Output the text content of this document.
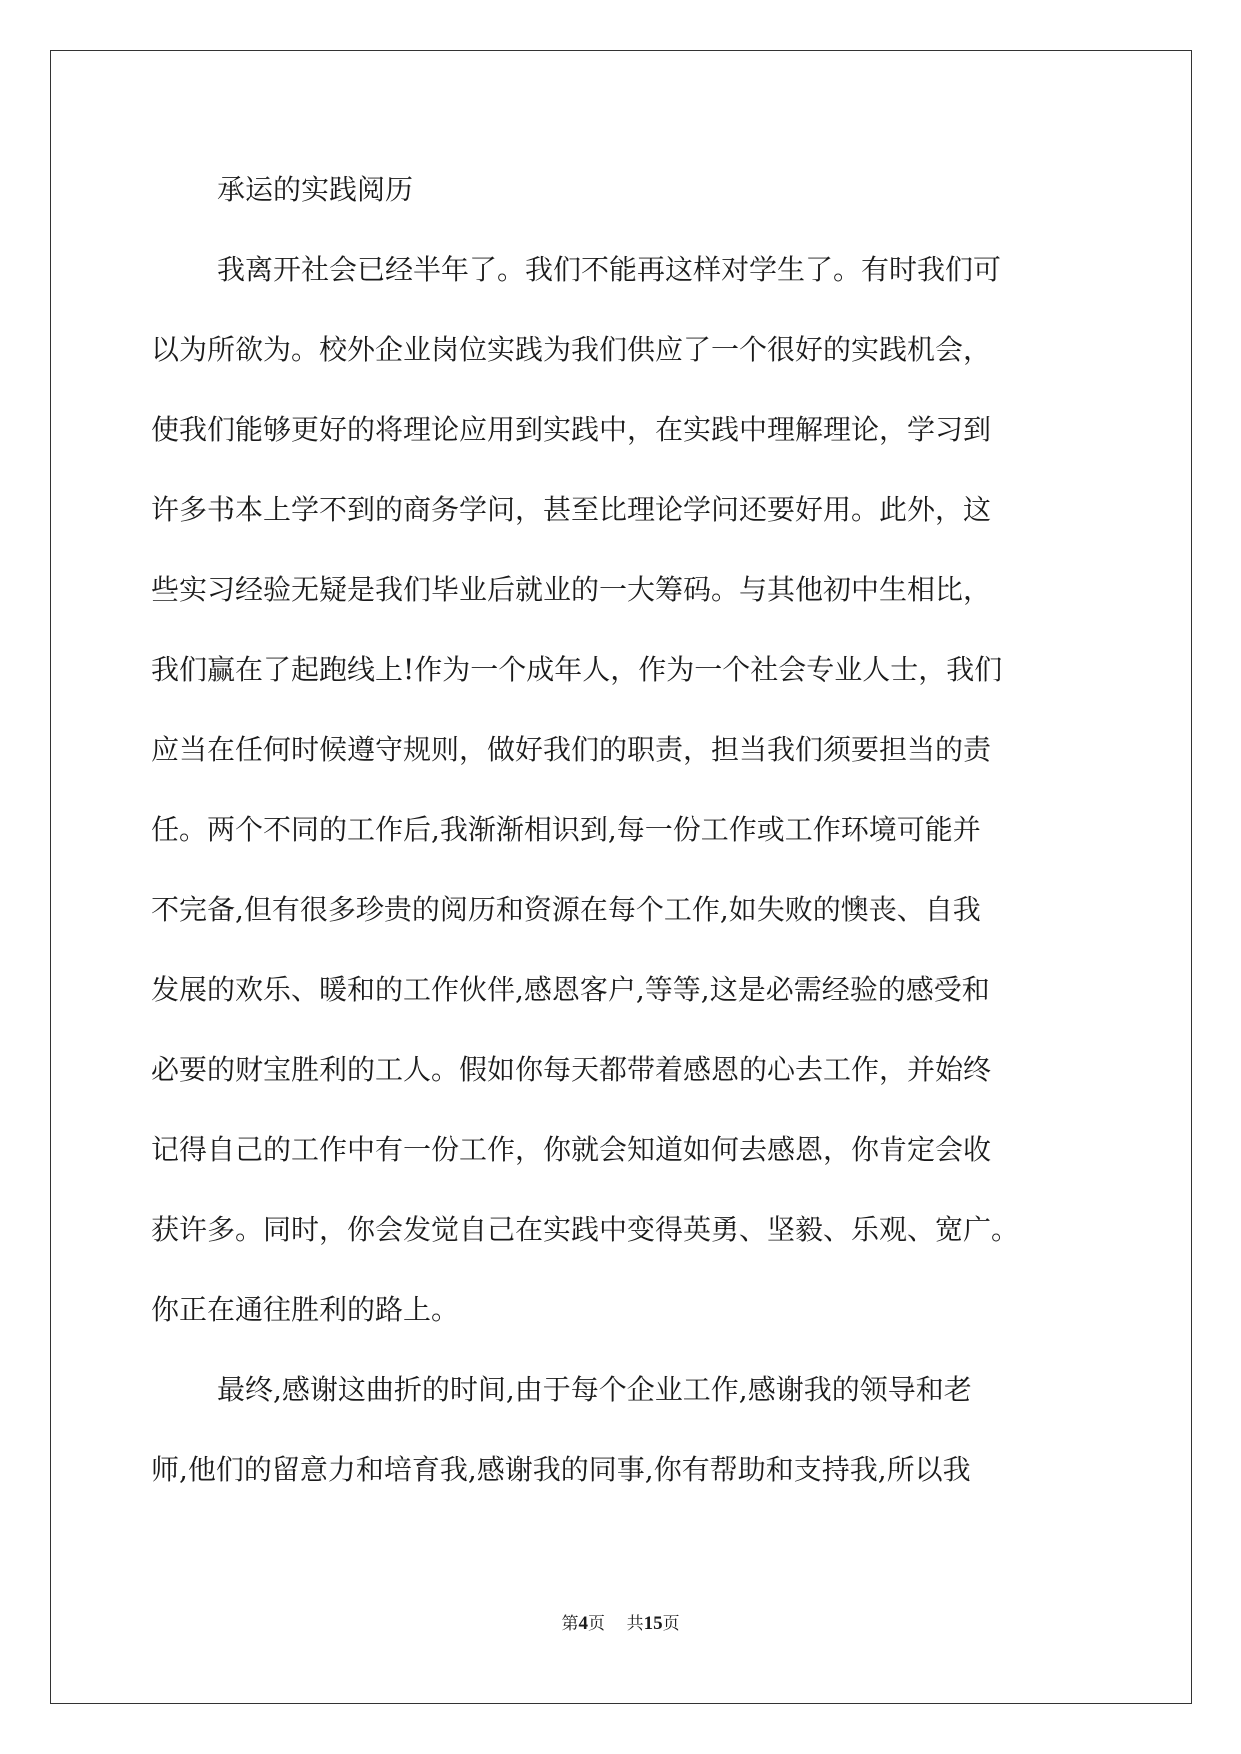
承运的实践阅历

我离开社会已经半年了。我们不能再这样对学生了。有时我们可

以为所欲为。校外企业岗位实践为我们供应了一个很好的实践机会，

使我们能够更好的将理论应用到实践中，在实践中理解理论，学习到

许多书本上学不到的商务学问，甚至比理论学问还要好用。此外，这

些实习经验无疑是我们毕业后就业的一大筹码。与其他初中生相比，

我们赢在了起跑线上!作为一个成年人，作为一个社会专业人士，我们

应当在任何时候遵守规则，做好我们的职责，担当我们须要担当的责

任。两个不同的工作后,我渐渐相识到,每一份工作或工作环境可能并

不完备,但有很多珍贵的阅历和资源在每个工作,如失败的懊丧、自我

发展的欢乐、暖和的工作伙伴,感恩客户,等等,这是必需经验的感受和

必要的财宝胜利的工人。假如你每天都带着感恩的心去工作，并始终

记得自己的工作中有一份工作，你就会知道如何去感恩，你肯定会收

获许多。同时，你会发觉自己在实践中变得英勇、坚毅、乐观、宽广。

你正在通往胜利的路上。

最终,感谢这曲折的时间,由于每个企业工作,感谢我的领导和老

师,他们的留意力和培育我,感谢我的同事,你有帮助和支持我,所以我

第4页 共15页
